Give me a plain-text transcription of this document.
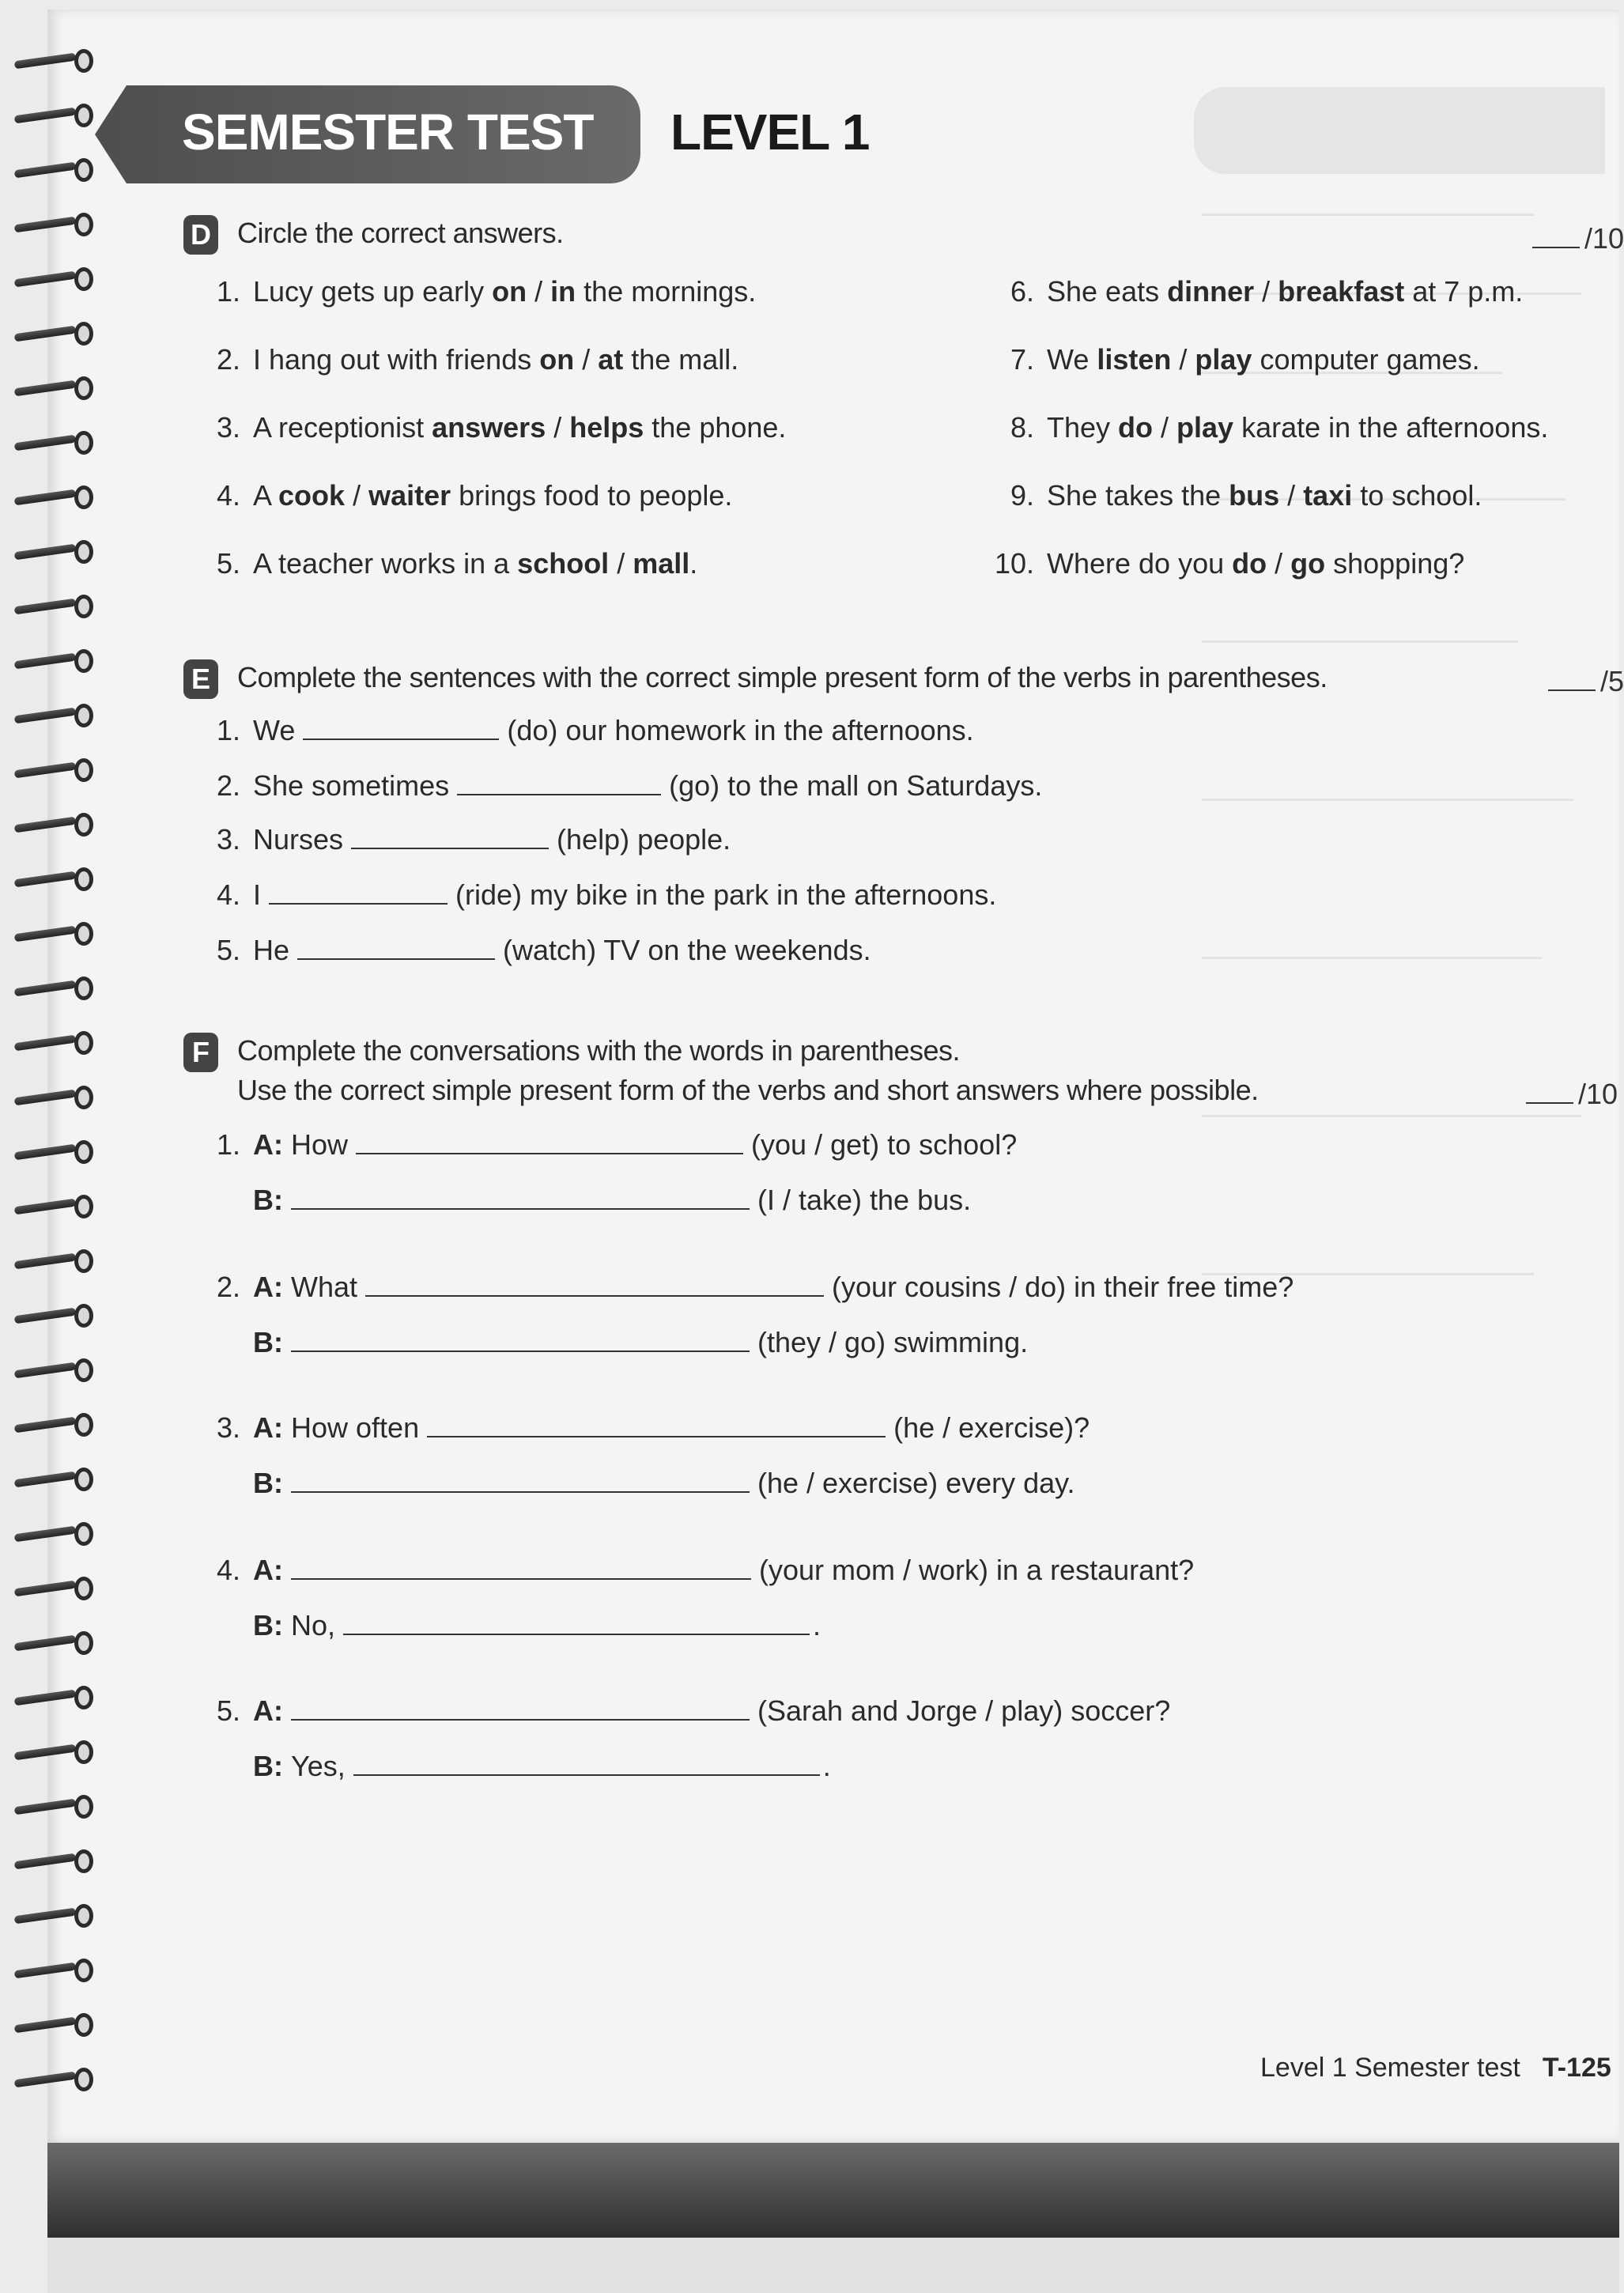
SEMESTER TEST LEVEL 1
D Circle the correct answers.	/10
1. Lucy gets up early on / in the mornings.
2. I hang out with friends on / at the mall.
3. A receptionist answers / helps the phone.
4. A cook / waiter brings food to people.
5. A teacher works in a school / mall.
6. She eats dinner / breakfast at 7 p.m.
7. We listen / play computer games.
8. They do / play karate in the afternoons.
9. She takes the bus / taxi to school.
10. Where do you do / go shopping?
E Complete the sentences with the correct simple present form of the verbs in parentheses.	/5
1. We	(do) our homework in the afternoons.
2. She sometimes	(go) to the mall on Saturdays.
3. Nurses	(help) people.
4. I	(ride) my bike in the park in the afternoons.
5. He	(watch) TV on the weekends.
F Complete the conversations with the words in parentheses.
Use the correct simple present form of the verbs and short answers where possible.	/10
1. A: How	(you / get) to school?
B:	(I / take) the bus.
2. A: What	(your cousins / do) in their free time?
B:	(they / go) swimming.
3. A: How often	(he / exercise)?
B:	(he / exercise) every day.
4. A:	(your mom / work) in a restaurant?
B: No,	.
5. A:	(Sarah and Jorge / play) soccer?
B: Yes,	.
Level 1 Semester test T-125
